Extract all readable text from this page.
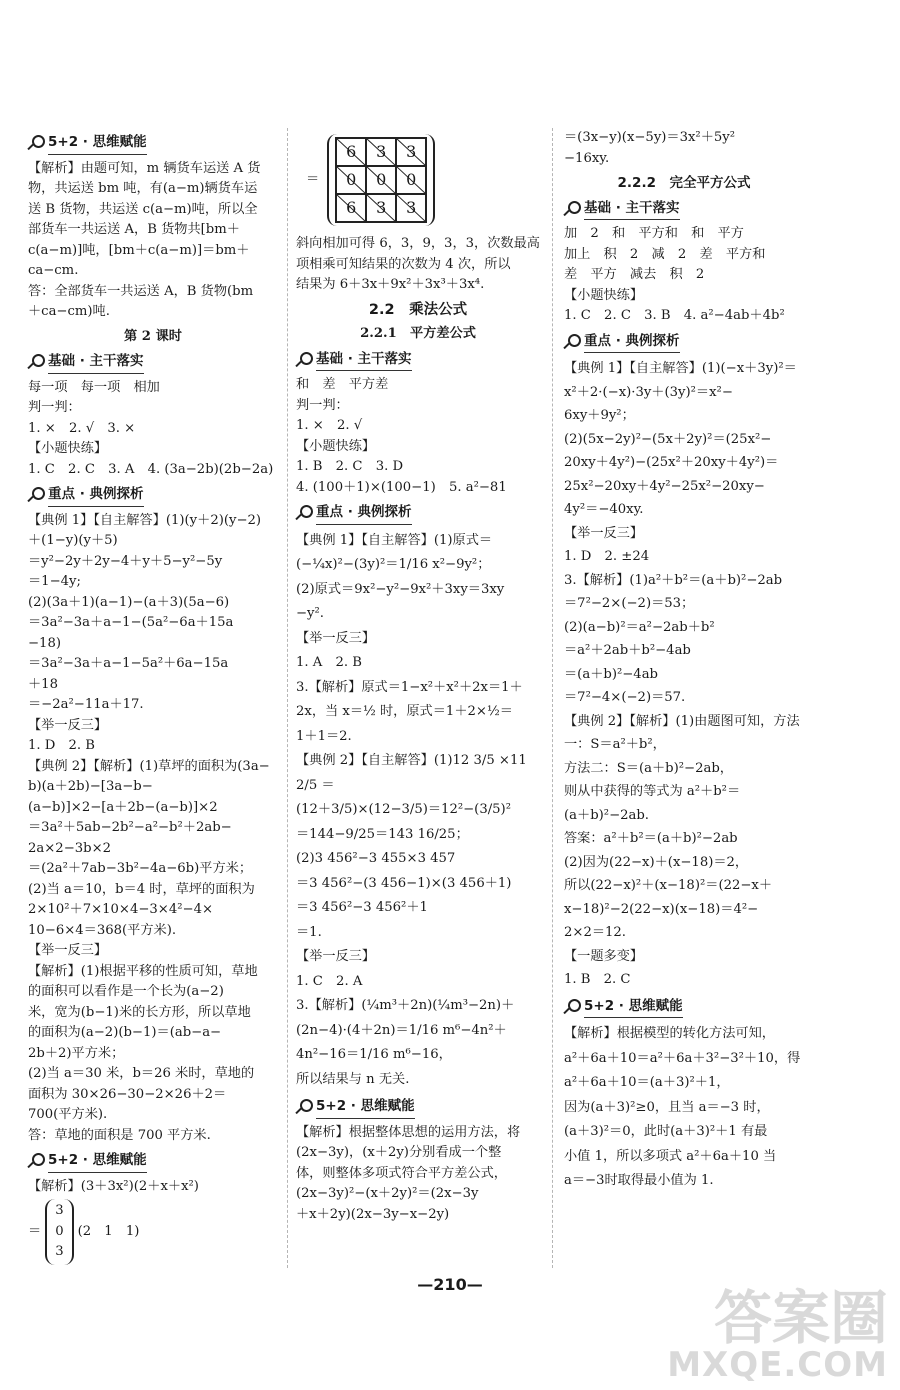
5+2 · 思维赋能
【解析】由题可知，m 辆货车运送 A 货
物，共运送 bm 吨，有(a−m)辆货车运
送 B 货物，共运送 c(a−m)吨，所以全
部货车一共运送 A，B 货物共[bm＋
c(a−m)]吨，[bm＋c(a−m)]＝bm＋
ca−cm.
答：全部货车一共运送 A，B 货物(bm
＋ca−cm)吨.
第 2 课时
基础 · 主干落实
每一项　每一项　相加
判一判：
1. ×　2. √　3. ×
【小题快练】
1. C　2. C　3. A　4. (3a−2b)(2b−2a)
重点 · 典例探析
【典例 1】【自主解答】(1)(y＋2)(y−2)
＋(1−y)(y＋5)
＝y²−2y＋2y−4＋y＋5−y²−5y
＝1−4y;
(2)(3a＋1)(a−1)−(a＋3)(5a−6)
＝3a²−3a＋a−1−(5a²−6a＋15a
−18)
＝3a²−3a＋a−1−5a²＋6a−15a
＋18
＝−2a²−11a＋17.
【举一反三】
1. D　2. B
【典例 2】【解析】(1)草坪的面积为(3a−
b)(a＋2b)−[3a−b−
(a−b)]×2−[a＋2b−(a−b)]×2
＝3a²＋5ab−2b²−a²−b²＋2ab−
2a×2−3b×2
＝(2a²＋7ab−3b²−4a−6b)平方米；
(2)当 a＝10，b＝4 时，草坪的面积为
2×10²＋7×10×4−3×4²−4×
10−6×4＝368(平方米).
【举一反三】
【解析】(1)根据平移的性质可知，草地
的面积可以看作是一个长为(a−2)
米，宽为(b−1)米的长方形，所以草地
的面积为(a−2)(b−1)＝(ab−a−
2b＋2)平方米；
(2)当 a＝30 米，b＝26 米时，草地的
面积为 30×26−30−2×26＋2＝
700(平方米).
答：草地的面积是 700 平方米.
5+2 · 思维赋能
【解析】(3＋3x²)(2＋x＋x²)
＝
3
0
3
(2　1　1)
＝
6	3	3
0	0	0
6	3	3
斜向相加可得 6，3，9，3，3，次数最高
项相乘可知结果的次数为 4 次，所以
结果为 6＋3x＋9x²＋3x³＋3x⁴.
2.2　乘法公式
2.2.1　平方差公式
基础 · 主干落实
和　差　平方差
判一判：
1. ×　2. √
【小题快练】
1. B　2. C　3. D
4. (100＋1)×(100−1)　5. a²−81
重点 · 典例探析
【典例 1】【自主解答】(1)原式＝
(−¼x)²−(3y)²＝1/16 x²−9y²；
(2)原式＝9x²−y²−9x²＋3xy＝3xy
−y².
【举一反三】
1. A　2. B
3.【解析】原式＝1−x²＋x²＋2x＝1＋
2x，当 x＝½ 时，原式＝1＋2×½＝
1＋1＝2.
【典例 2】【自主解答】(1)12 3/5 ×11 2/5 ＝
(12＋3/5)×(12−3/5)＝12²−(3/5)²
＝144−9/25＝143 16/25；
(2)3 456²−3 455×3 457
＝3 456²−(3 456−1)×(3 456＋1)
＝3 456²−3 456²＋1
＝1.
【举一反三】
1. C　2. A
3.【解析】(¼m³＋2n)(¼m³−2n)＋
(2n−4)·(4＋2n)＝1/16 m⁶−4n²＋
4n²−16＝1/16 m⁶−16，
所以结果与 n 无关.
5+2 · 思维赋能
【解析】根据整体思想的运用方法，将
(2x−3y)，(x＋2y)分别看成一个整
体，则整体多项式符合平方差公式，
(2x−3y)²−(x＋2y)²＝(2x−3y
＋x＋2y)(2x−3y−x−2y)
＝(3x−y)(x−5y)＝3x²＋5y²
−16xy.
2.2.2　完全平方公式
基础 · 主干落实
加　2　和　平方和　和　平方
加上　积　2　减　2　差　平方和
差　平方　减去　积　2
【小题快练】
1. C　2. C　3. B　4. a²−4ab＋4b²
重点 · 典例探析
【典例 1】【自主解答】(1)(−x＋3y)²＝
x²＋2·(−x)·3y＋(3y)²＝x²−
6xy＋9y²；
(2)(5x−2y)²−(5x＋2y)²＝(25x²−
20xy＋4y²)−(25x²＋20xy＋4y²)＝
25x²−20xy＋4y²−25x²−20xy−
4y²＝−40xy.
【举一反三】
1. D　2. ±24
3.【解析】(1)a²＋b²＝(a＋b)²−2ab
＝7²−2×(−2)＝53；
(2)(a−b)²＝a²−2ab＋b²
＝a²＋2ab＋b²−4ab
＝(a＋b)²−4ab
＝7²−4×(−2)＝57.
【典例 2】【解析】(1)由题图可知，方法
一：S＝a²＋b²，
方法二：S＝(a＋b)²−2ab，
则从中获得的等式为 a²＋b²＝
(a＋b)²−2ab.
答案：a²＋b²＝(a＋b)²−2ab
(2)因为(22−x)＋(x−18)＝2，
所以(22−x)²＋(x−18)²＝(22−x＋
x−18)²−2(22−x)(x−18)＝4²−
2×2＝12.
【一题多变】
1. B　2. C
5+2 · 思维赋能
【解析】根据模型的转化方法可知，
a²＋6a＋10＝a²＋6a＋3²−3²＋10，得
a²＋6a＋10＝(a＋3)²＋1，
因为(a＋3)²≥0，且当 a＝−3 时，
(a＋3)²＝0，此时(a＋3)²＋1 有最
小值 1，所以多项式 a²＋6a＋10 当
a＝−3时取得最小值为 1.
—210—	答案圈
MXQE.COM
